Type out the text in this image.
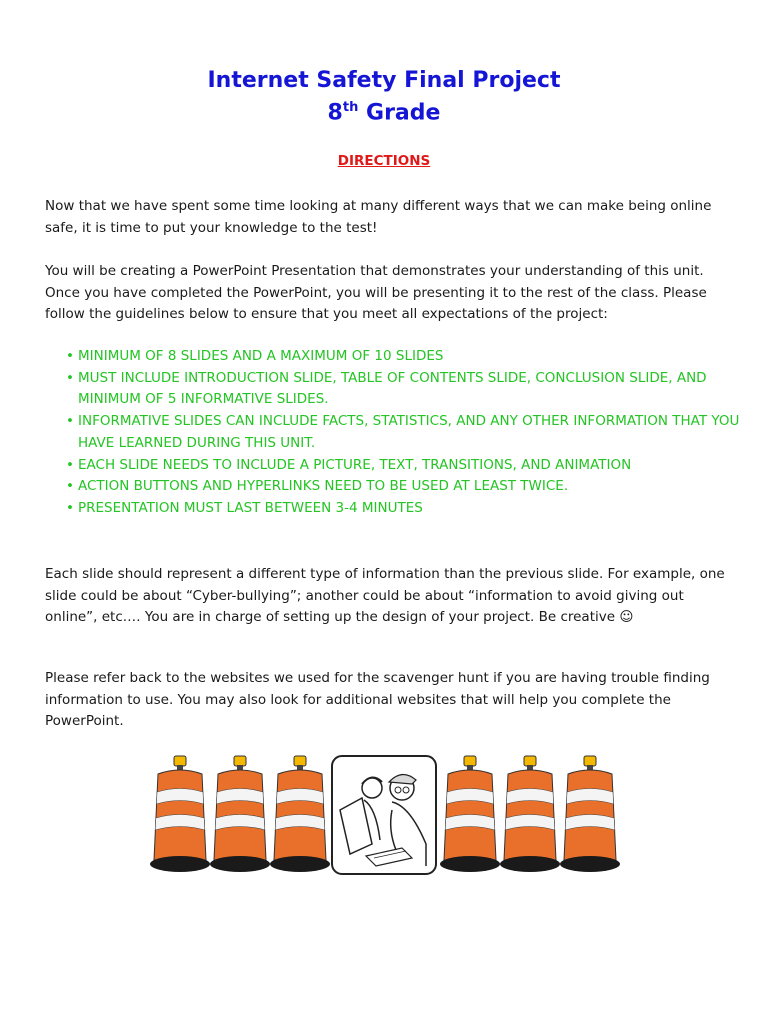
Internet Safety Final Project
8th Grade
DIRECTIONS

Now that we have spent some time looking at many different ways that we can make being online safe, it is time to put your knowledge to the test!

You will be creating a PowerPoint Presentation that demonstrates your understanding of this unit. Once you have completed the PowerPoint, you will be presenting it to the rest of the class. Please follow the guidelines below to ensure that you meet all expectations of the project:

• MINIMUM OF 8 SLIDES AND A MAXIMUM OF 10 SLIDES
• MUST INCLUDE INTRODUCTION SLIDE, TABLE OF CONTENTS SLIDE, CONCLUSION SLIDE, AND MINIMUM OF 5 INFORMATIVE SLIDES.
• INFORMATIVE SLIDES CAN INCLUDE FACTS, STATISTICS, AND ANY OTHER INFORMATION THAT YOU HAVE LEARNED DURING THIS UNIT.
• EACH SLIDE NEEDS TO INCLUDE A PICTURE, TEXT, TRANSITIONS, AND ANIMATION
• ACTION BUTTONS AND HYPERLINKS NEED TO BE USED AT LEAST TWICE.
• PRESENTATION MUST LAST BETWEEN 3-4 MINUTES

Each slide should represent a different type of information than the previous slide. For example, one slide could be about “Cyber-bullying”; another could be about “information to avoid giving out online”, etc.… You are in charge of setting up the design of your project. Be creative ☺

Please refer back to the websites we used for the scavenger hunt if you are having trouble finding information to use. You may also look for additional websites that will help you complete the PowerPoint.
